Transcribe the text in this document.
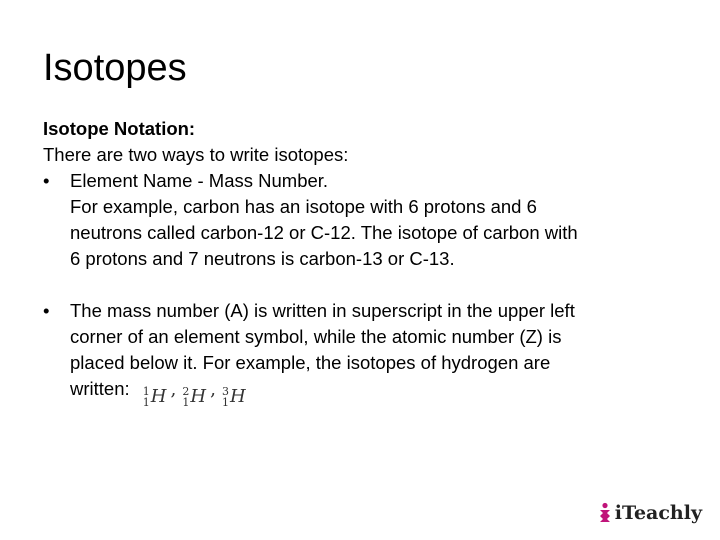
Isotopes
Isotope Notation:
There are two ways to write isotopes:
•	Element Name - Mass Number.
For example, carbon has an isotope with 6 protons and 6
neutrons called carbon-12 or C-12. The isotope of carbon with
6 protons and 7 neutrons is carbon-13 or C-13.
•	The mass number (A) is written in superscript in the upper left
corner of an element symbol, while the atomic number (Z) is
placed below it. For example, the isotopes of hydrogen are
written: 1
1 H , 2
1 H , 3
1 H
iTeachly
